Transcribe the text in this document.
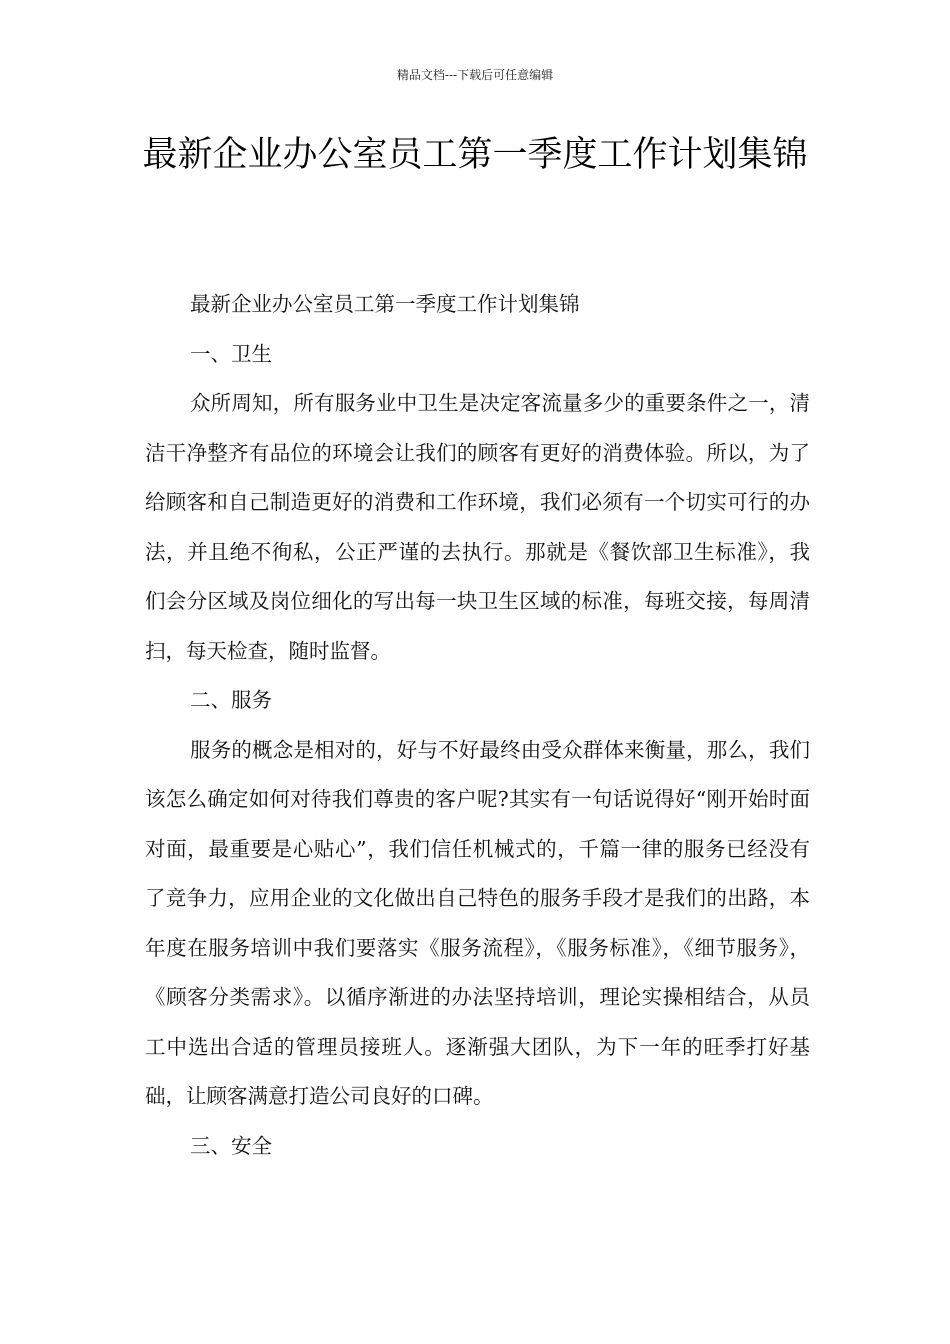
精品文档---下载后可任意编辑
最新企业办公室员工第一季度工作计划集锦

最新企业办公室员工第一季度工作计划集锦

一、卫生

众所周知，所有服务业中卫生是决定客流量多少的重要条件之一，清洁干净整齐有品位的环境会让我们的顾客有更好的消费体验。所以，为了给顾客和自己制造更好的消费和工作环境，我们必须有一个切实可行的办法，并且绝不徇私，公正严谨的去执行。那就是《餐饮部卫生标准》，我们会分区域及岗位细化的写出每一块卫生区域的标准，每班交接，每周清扫，每天检查，随时监督。

二、服务

服务的概念是相对的，好与不好最终由受众群体来衡量，那么，我们该怎么确定如何对待我们尊贵的客户呢?其实有一句话说得好“刚开始时面对面，最重要是心贴心”，我们信任机械式的，千篇一律的服务已经没有了竞争力，应用企业的文化做出自己特色的服务手段才是我们的出路，本年度在服务培训中我们要落实《服务流程》，《服务标准》，《细节服务》，《顾客分类需求》。以循序渐进的办法坚持培训，理论实操相结合，从员工中选出合适的管理员接班人。逐渐强大团队，为下一年的旺季打好基础，让顾客满意打造公司良好的口碑。

三、安全
